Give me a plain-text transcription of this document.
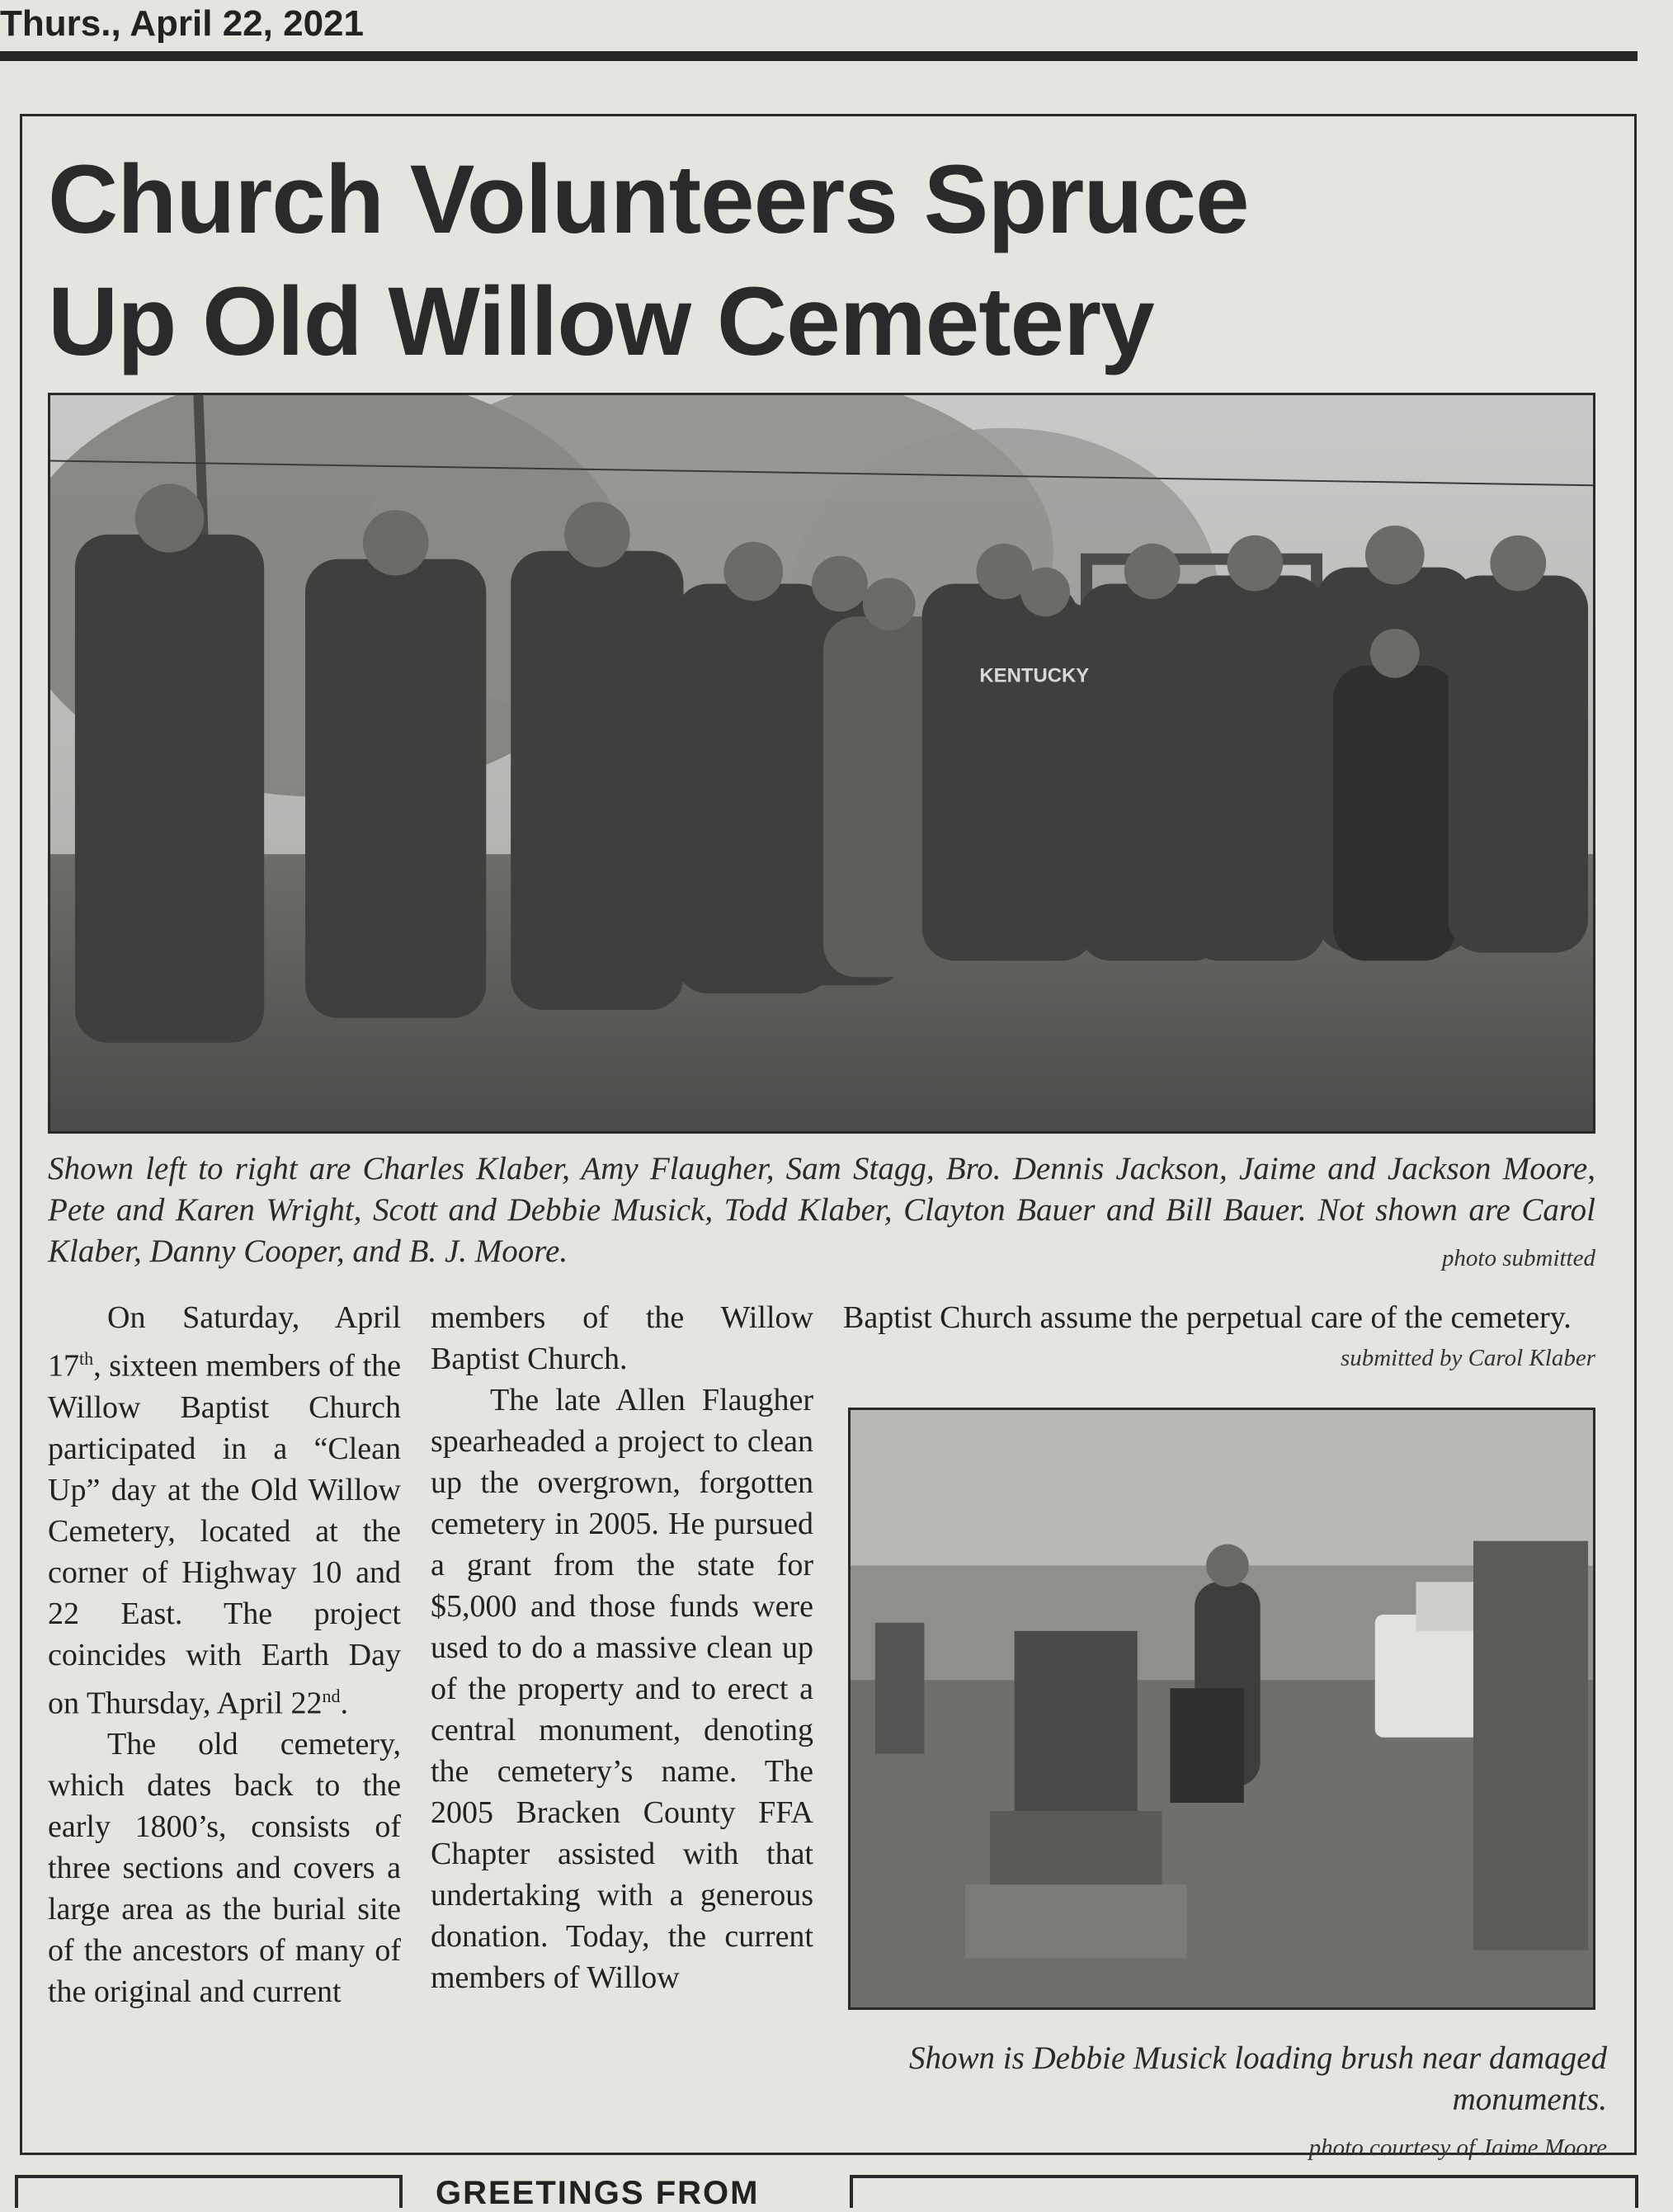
Thurs., April 22, 2021
Church Volunteers Spruce
Up Old Willow Cemetery
KENTUCKY
Shown left to right are Charles Klaber, Amy Flaugher, Sam Stagg, Bro. Dennis Jackson, Jaime and Jackson Moore, Pete and Karen Wright, Scott and Debbie Musick, Todd Klaber, Clayton Bauer and Bill Bauer. Not shown are Carol Klaber, Danny Cooper, and B. J. Moore.	photo submitted

On Saturday, April 17th, sixteen members of the Willow Baptist Church participated in a “Clean Up” day at the Old Willow Cemetery, located at the corner of Highway 10 and 22 East. The project coincides with Earth Day on Thursday, April 22nd.

The old cemetery, which dates back to the early 1800’s, consists of three sections and covers a large area as the burial site of the ancestors of many of the original and current

members of the Willow Baptist Church.

The late Allen Flaugher spearheaded a project to clean up the overgrown, forgotten cemetery in 2005. He pursued a grant from the state for $5,000 and those funds were used to do a massive clean up of the property and to erect a central monument, denoting the cemetery’s name. The 2005 Bracken County FFA Chapter assisted with that undertaking with a generous donation. Today, the current members of Willow

Baptist Church assume the perpetual care of the cemetery.

submitted by Carol Klaber
Shown is Debbie Musick loading brush near damaged monuments.
photo courtesy of Jaime Moore
GREETINGS FROM
